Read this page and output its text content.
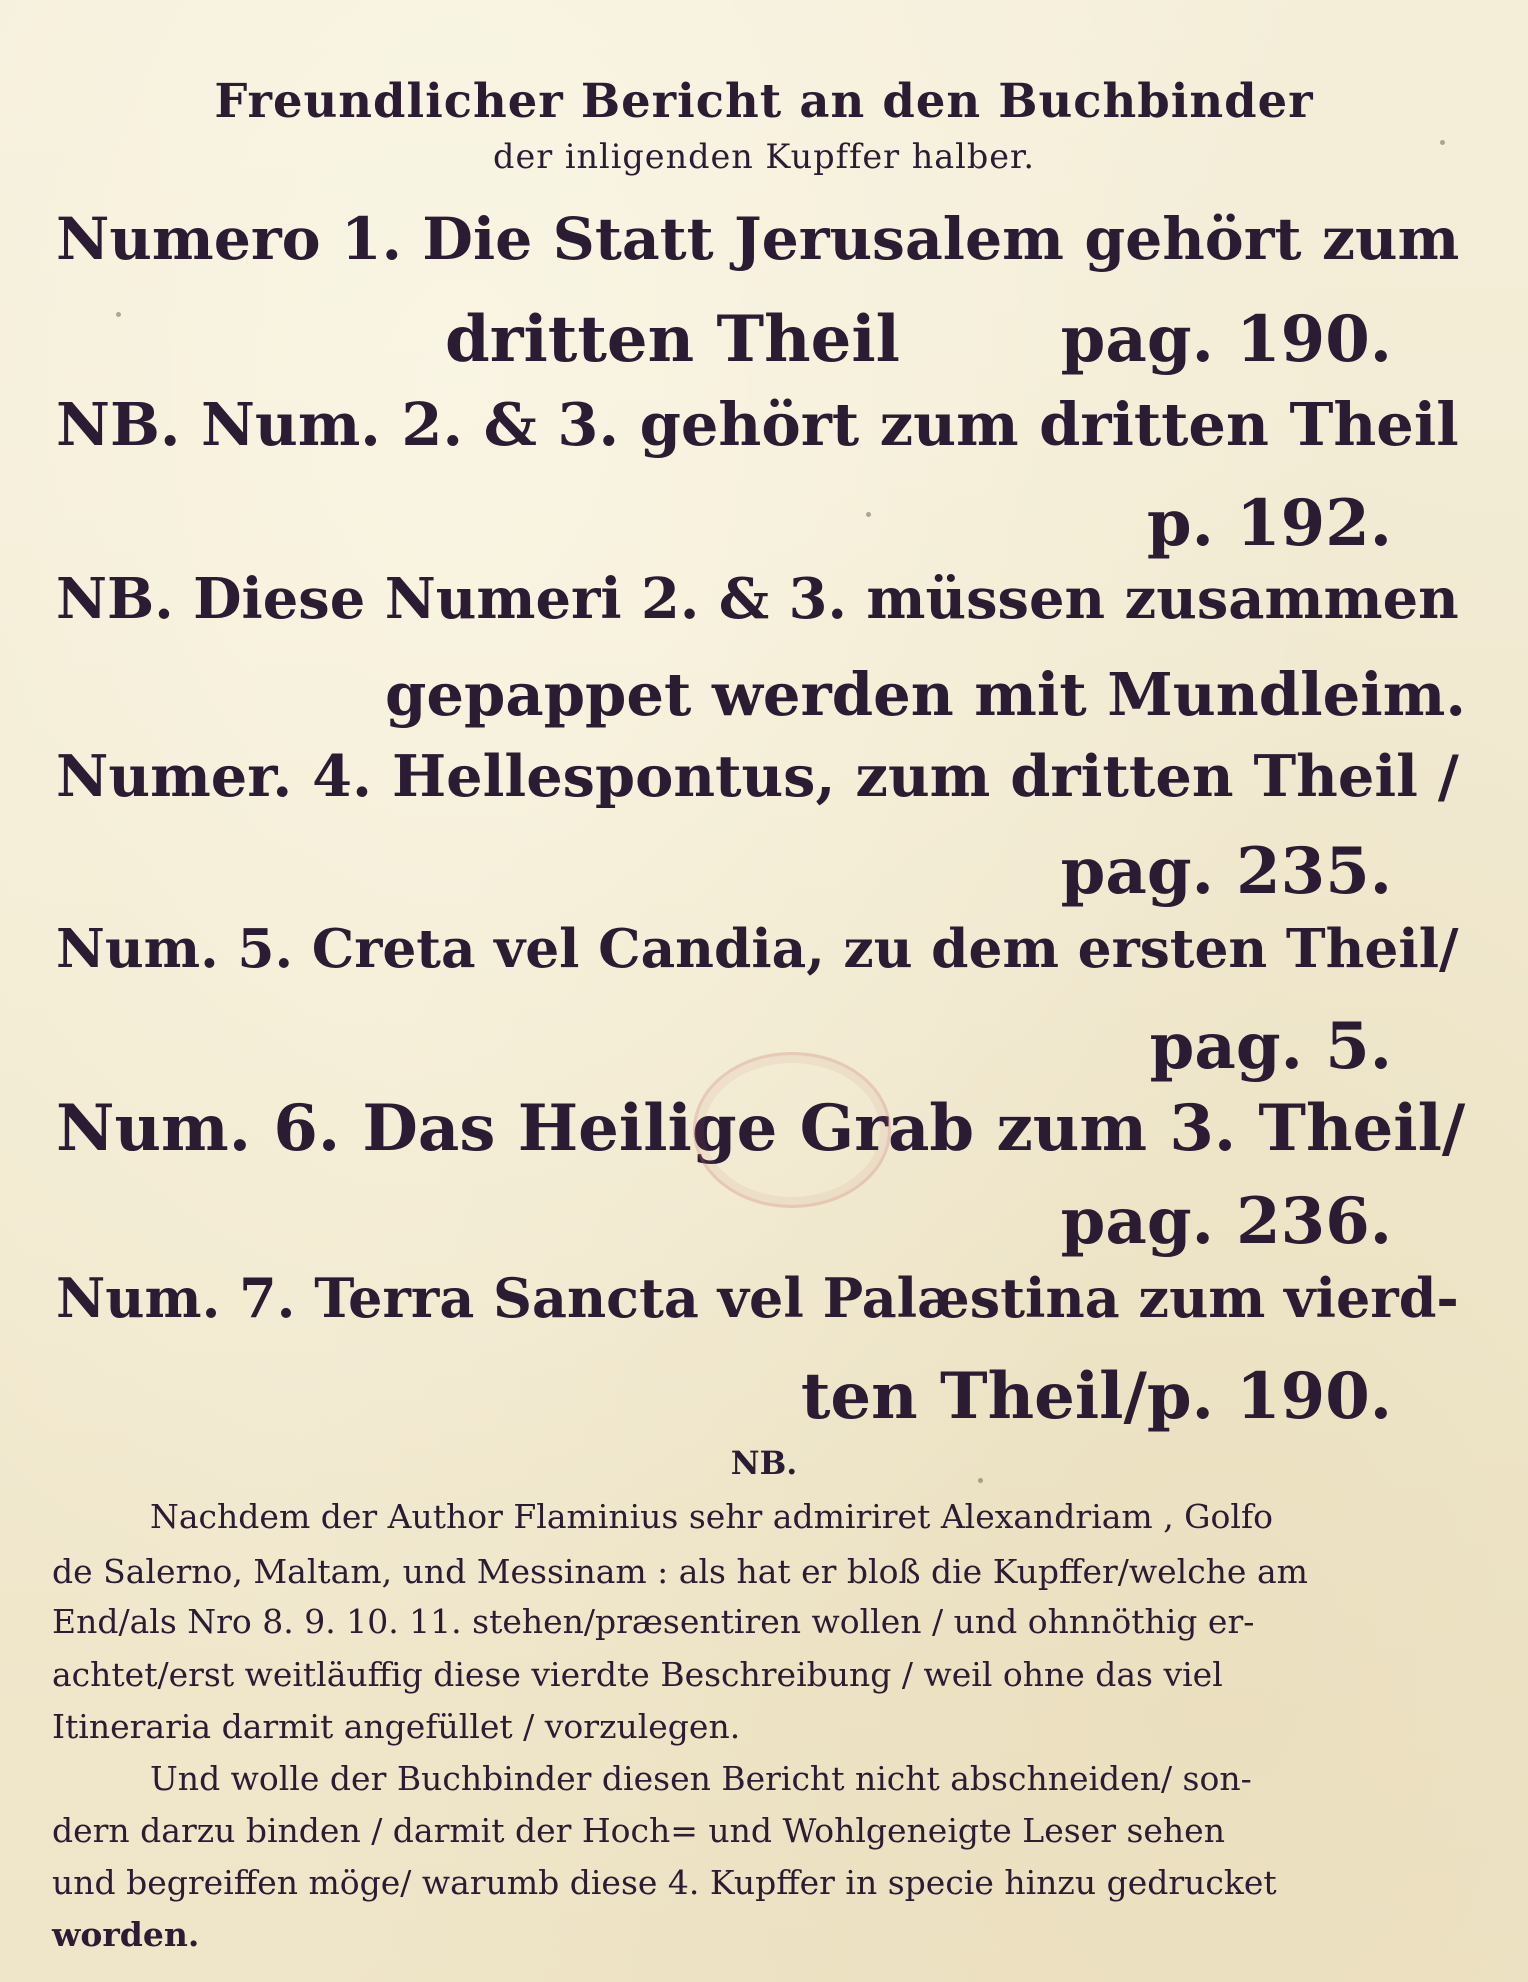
Freundlicher Bericht an den Buchbinder
der inligenden Kupffer halber.
Numero 1. Die Statt Jerusalem gehört zum
dritten Theil	pag. 190.
NB. Num. 2. & 3. gehört zum dritten Theil
p. 192.
NB. Diese Numeri 2. & 3. müssen zusammen
gepappet werden mit Mundleim.
Numer. 4. Hellespontus, zum dritten Theil /
pag. 235.
Num. 5. Creta vel Candia, zu dem ersten Theil/
pag. 5.
Num. 6. Das Heilige Grab zum 3. Theil/
pag. 236.
Num. 7. Terra Sancta vel Palæstina zum vierd-
ten Theil/p. 190.
NB.
Nachdem der Author Flaminius sehr admiriret Alexandriam , Golfo
de Salerno, Maltam, und Messinam : als hat er bloß die Kupffer/welche am
End/als Nro 8. 9. 10. 11. stehen/præsentiren wollen / und ohnnöthig er-
achtet/erst weitläuffig diese vierdte Beschreibung / weil ohne das viel
Itineraria darmit angefüllet / vorzulegen.
Und wolle der Buchbinder diesen Bericht nicht abschneiden/ son-
dern darzu binden / darmit der Hoch= und Wohlgeneigte Leser sehen
und begreiffen möge/ warumb diese 4. Kupffer in specie hinzu gedrucket
worden.
